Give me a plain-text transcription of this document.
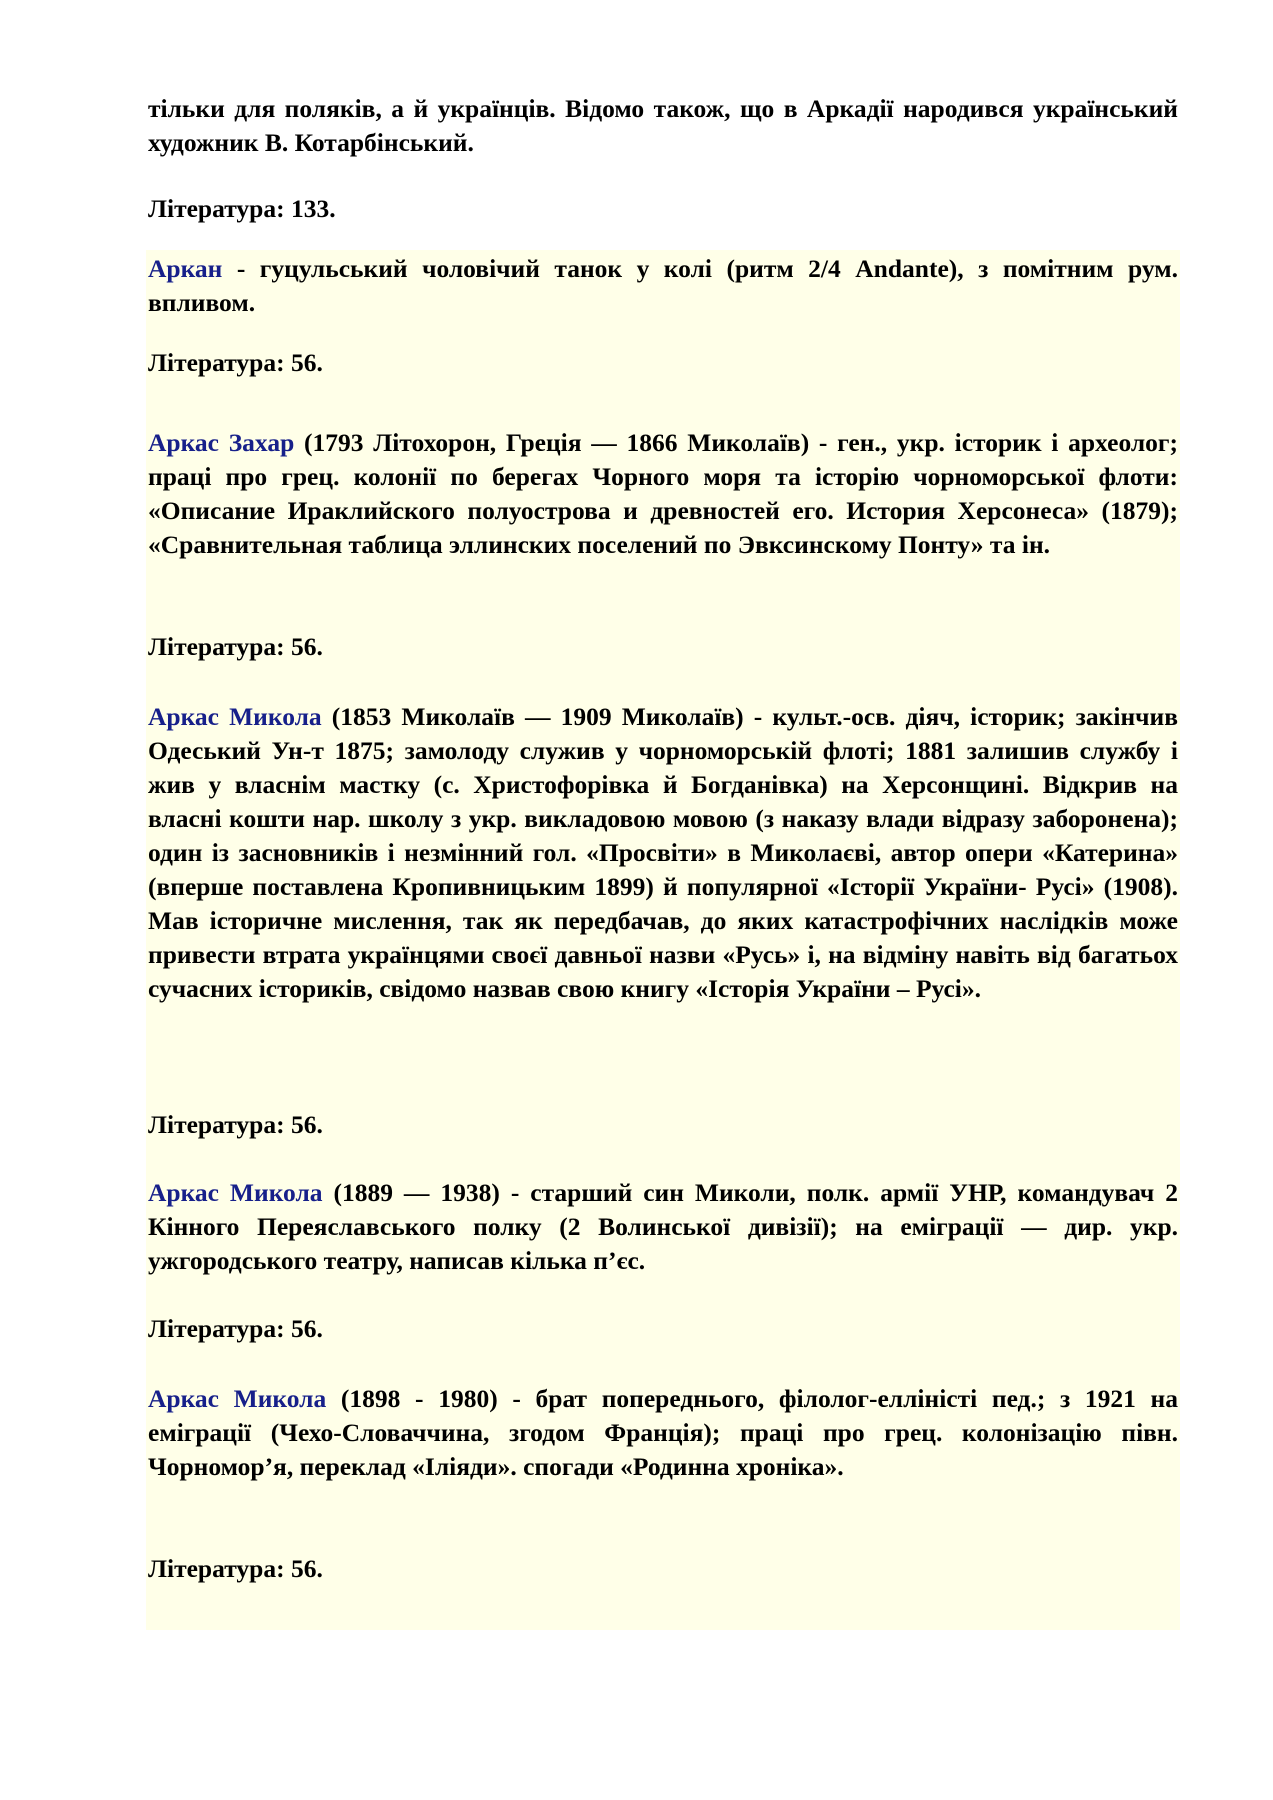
тільки для поляків, а й українців. Відомо також, що в Аркадії народився український художник В. Котарбінський.

Література: 133.

Аркан - гуцульський чоловічий танок у колі (ритм 2/4 Andante), з помітним рум. впливом.

Література: 56.

Аркас Захар (1793 Літохорон, Греція — 1866 Миколаїв) - ген., укр. історик і археолог; праці про грец. колонії по берегах Чорного моря та історію чорноморської флоти: «Описание Ираклийского полуострова и древностей его. История Херсонеса» (1879); «Сравнительная таблица эллинских поселений по Эвксинскому Понту» та ін.

Література: 56.

Аркас Микола (1853 Миколаїв — 1909 Миколаїв) - культ.-осв. діяч, історик; закінчив Одеський Ун-т 1875; замолоду служив у чорноморській флоті; 1881 залишив службу і жив у власнім мастку (с. Христофорівка й Богданівка) на Херсонщині. Відкрив на власні кошти нар. школу з укр. викладовою мовою (з наказу влади відразу заборонена); один із засновників і незмінний гол. «Просвіти» в Миколаєві, автор опери «Катерина» (вперше поставлена Кропивницьким 1899) й популярної «Історії України- Русі» (1908). Мав історичне мислення, так як передбачав, до яких катастрофічних наслідків може привести втрата українцями своєї давньої назви «Русь» і, на відміну навіть від багатьох сучасних істориків, свідомо назвав свою книгу «Історія України – Русі».

Література: 56.

Аркас Микола (1889 — 1938) - старший син Миколи, полк. армії УНР, командувач 2 Кінного Переяславського полку (2 Волинської дивізії); на еміграції — дир. укр. ужгородського театру, написав кілька п’єс.

Література: 56.

Аркас Микола (1898 - 1980) - брат попереднього, філолог-елліністі пед.; з 1921 на еміграції (Чехо-Словаччина, згодом Франція); праці про грец. колонізацію півн. Чорномор’я, переклад «Іліяди». спогади «Родинна хроніка».

Література: 56.
